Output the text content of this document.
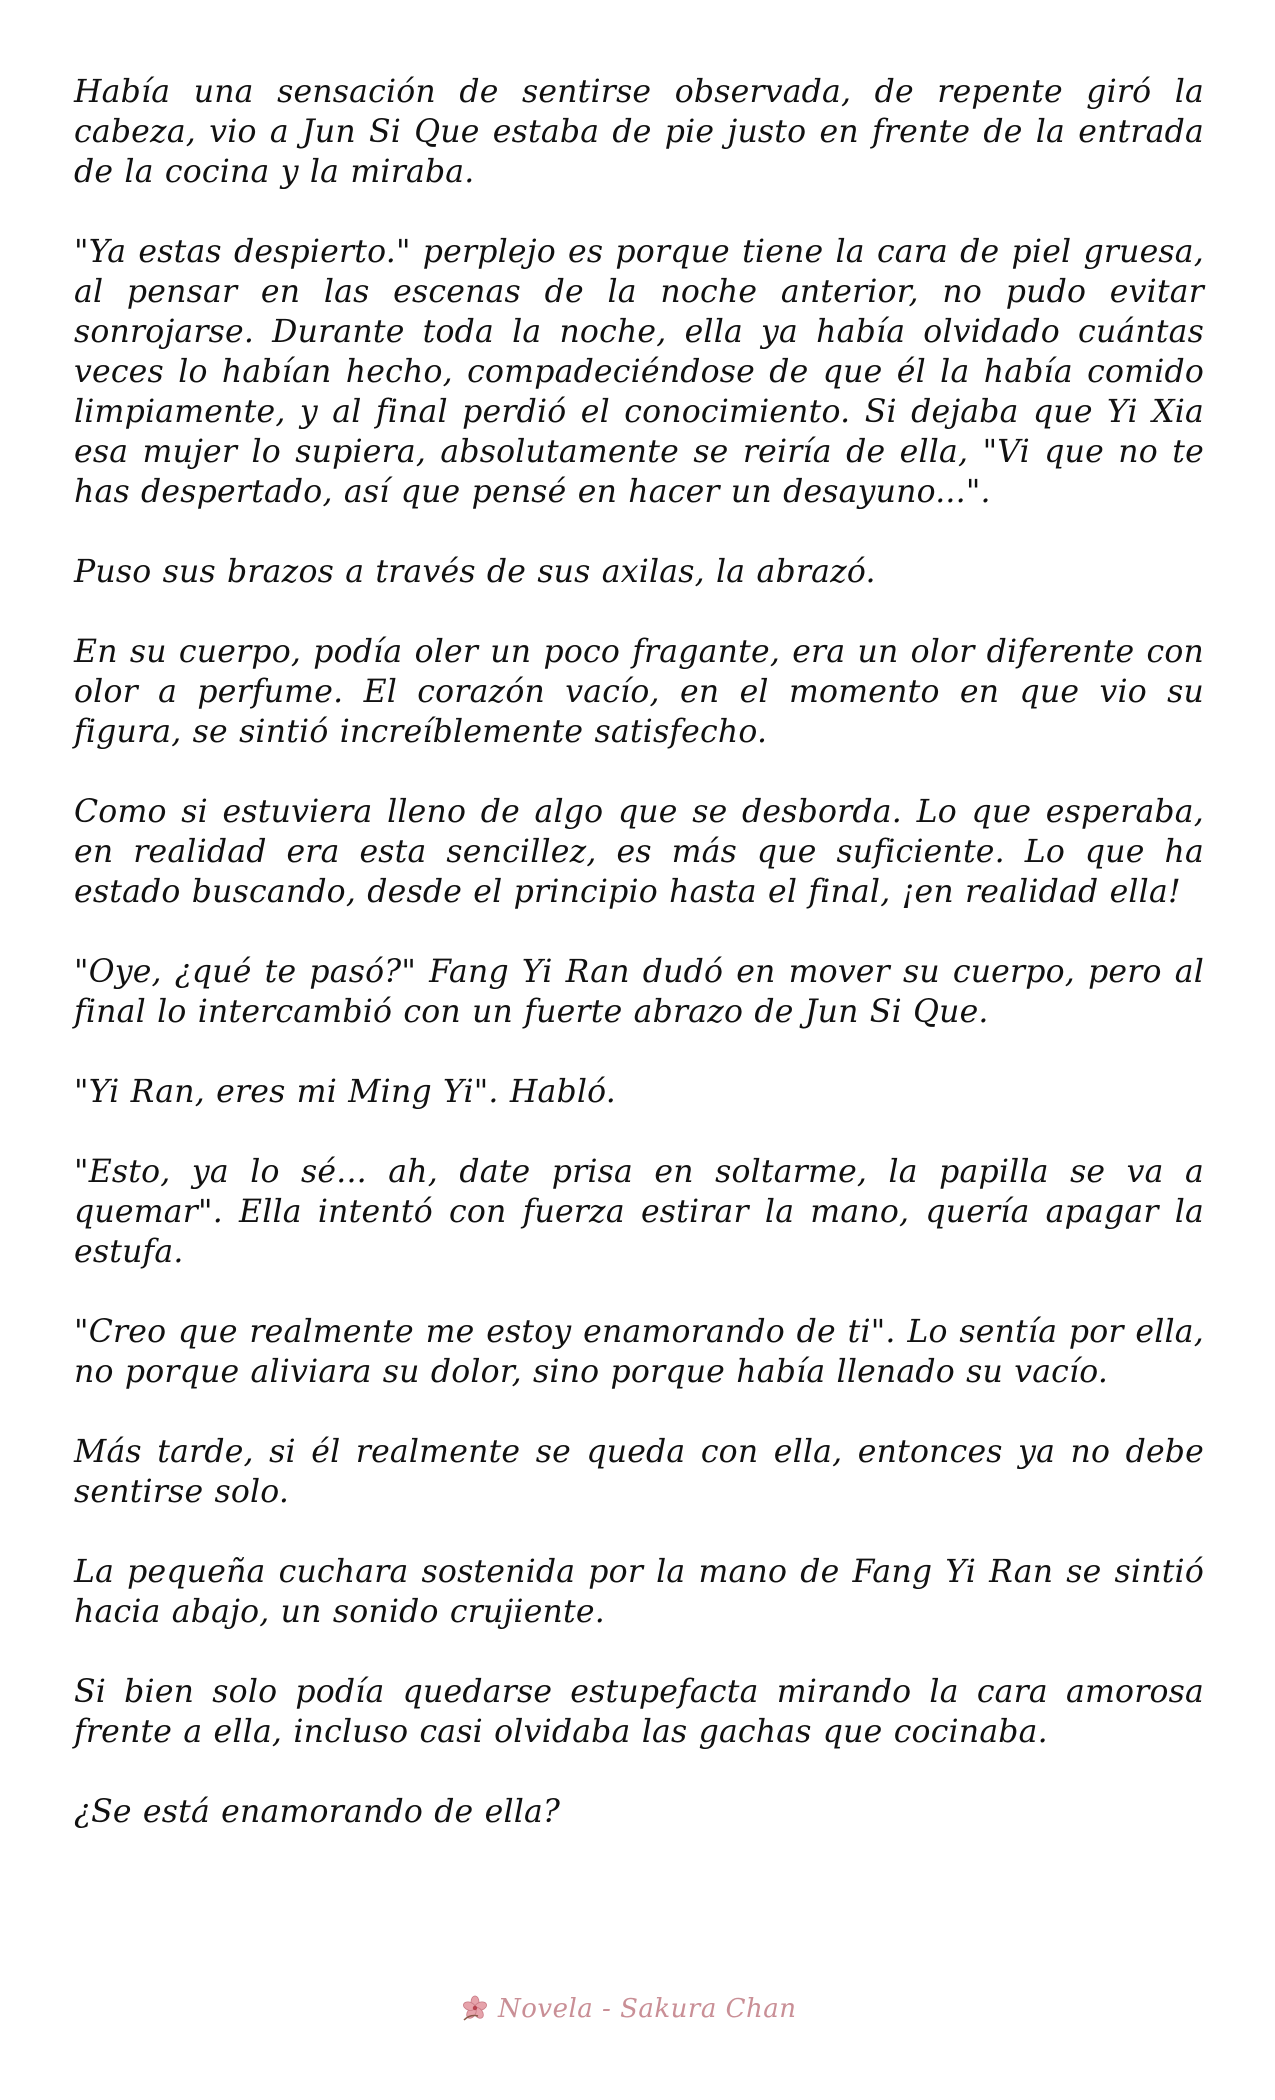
Había una sensación de sentirse observada, de repente giró la cabeza, vio a Jun Si Que estaba de pie justo en frente de la entrada de la cocina y la miraba.

"Ya estas despierto." perplejo es porque tiene la cara de piel gruesa, al pensar en las escenas de la noche anterior, no pudo evitar sonrojarse. Durante toda la noche, ella ya había olvidado cuántas veces lo habían hecho, compadeciéndose de que él la había comido limpiamente, y al final perdió el conocimiento. Si dejaba que Yi Xia esa mujer lo supiera, absolutamente se reiría de ella, "Vi que no te has despertado, así que pensé en hacer un desayuno...".

Puso sus brazos a través de sus axilas, la abrazó.

En su cuerpo, podía oler un poco fragante, era un olor diferente con olor a perfume. El corazón vacío, en el momento en que vio su figura, se sintió increíblemente satisfecho.

Como si estuviera lleno de algo que se desborda. Lo que esperaba, en realidad era esta sencillez, es más que suficiente. Lo que ha estado buscando, desde el principio hasta el final, ¡en realidad ella!

"Oye, ¿qué te pasó?" Fang Yi Ran dudó en mover su cuerpo, pero al final lo intercambió con un fuerte abrazo de Jun Si Que.

"Yi Ran, eres mi Ming Yi". Habló.

"Esto, ya lo sé... ah, date prisa en soltarme, la papilla se va a quemar". Ella intentó con fuerza estirar la mano, quería apagar la estufa.

"Creo que realmente me estoy enamorando de ti". Lo sentía por ella, no porque aliviara su dolor, sino porque había llenado su vacío.

Más tarde, si él realmente se queda con ella, entonces ya no debe sentirse solo.

La pequeña cuchara sostenida por la mano de Fang Yi Ran se sintió hacia abajo, un sonido crujiente.

Si bien solo podía quedarse estupefacta mirando la cara amorosa frente a ella, incluso casi olvidaba las gachas que cocinaba.

¿Se está enamorando de ella?

Novela - Sakura Chan
